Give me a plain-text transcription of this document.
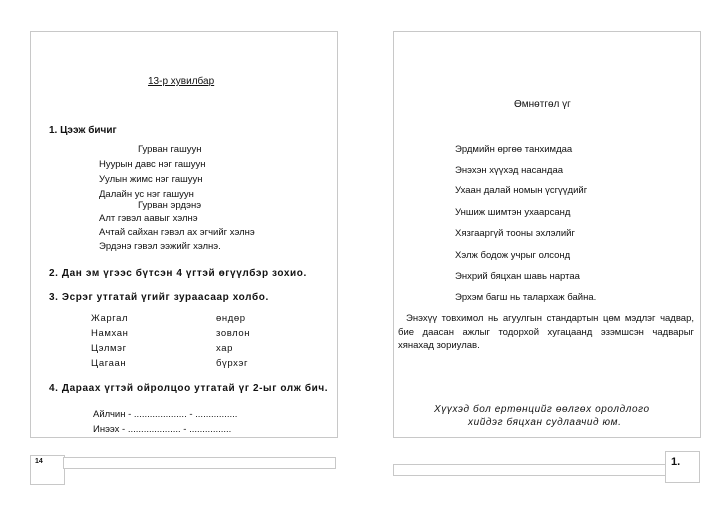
13-р хувилбар
1. Цээж бичиг
Гурван гашуун
Нуурын давс нэг гашуун
Уулын жимс нэг гашуун
Далайн ус нэг гашуун
Гурван эрдэнэ
Алт гэвэл аавыг хэлнэ
Ачтай сайхан гэвэл ах эгчийг хэлнэ
Эрдэнэ гэвэл ээжийг хэлнэ.
2. Дан эм үгээс бүтсэн 4 үгтэй өгүүлбэр зохио.
3. Эсрэг утгатай үгийг зураасаар холбо.
Жаргал
Намхан
Цэлмэг
Цагаан
өндөр
зовлон
хар
бүрхэг
4. Дараах үгтэй ойролцоо утгатай үг 2-ыг олж бич.
Айлчин - .................... - ................
Инээх - .................... - ................
14
Өмнөтгөл үг
Эрдмийн өргөө танхимдаа
Энэхэн хүүхэд насандаа
Ухаан далай номын үсгүүдийг
Уншиж шимтэн ухаарсанд
Хязгааргүй тооны эхлэлийг
Хэлж бодож учрыг олсонд
Энхрий бяцхан шавь нартаа
Эрхэм багш нь талархаж байна.
Энэхүү товхимол нь агуулгын стандартын цөм мэдлэг чадвар, бие даасан ажлыг тодорхой хугацаанд эзэмшсэн чадварыг хянахад зориулав.
Хүүхэд бол ертөнцийг өөлгөх оролдлого
хийдэг бяцхан судлаачид юм.
1.
